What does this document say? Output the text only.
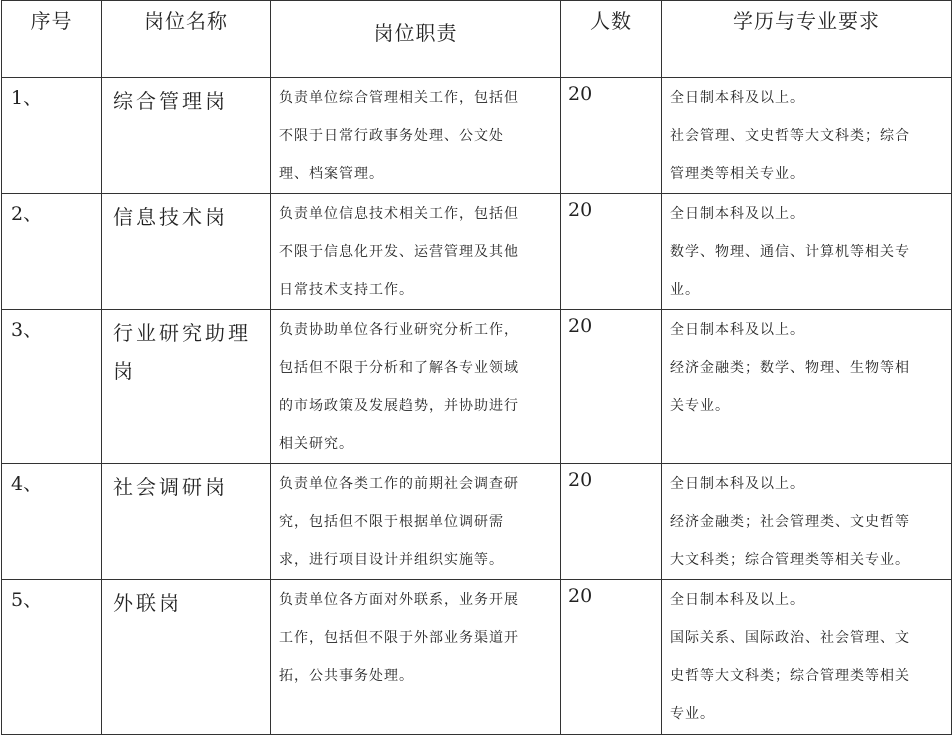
序号	岗位名称	岗位职责	人数	学历与专业要求
1、	综合管理岗	负责单位综合管理相关工作，包括但
不限于日常行政事务处理、公文处
理、档案管理。	20	全日制本科及以上。
社会管理、文史哲等大文科类；综合
管理类等相关专业。

2、	信息技术岗	负责单位信息技术相关工作，包括但
不限于信息化开发、运营管理及其他
日常技术支持工作。	20	全日制本科及以上。
数学、物理、通信、计算机等相关专
业。

3、	行业研究助理
岗	负责协助单位各行业研究分析工作，
包括但不限于分析和了解各专业领域
的市场政策及发展趋势，并协助进行
相关研究。	20	全日制本科及以上。
经济金融类；数学、物理、生物等相
关专业。

4、	社会调研岗	负责单位各类工作的前期社会调查研
究，包括但不限于根据单位调研需
求，进行项目设计并组织实施等。	20	全日制本科及以上。
经济金融类；社会管理类、文史哲等
大文科类；综合管理类等相关专业。

5、	外联岗	负责单位各方面对外联系，业务开展
工作，包括但不限于外部业务渠道开
拓，公共事务处理。	20	全日制本科及以上。
国际关系、国际政治、社会管理、文
史哲等大文科类；综合管理类等相关
专业。
